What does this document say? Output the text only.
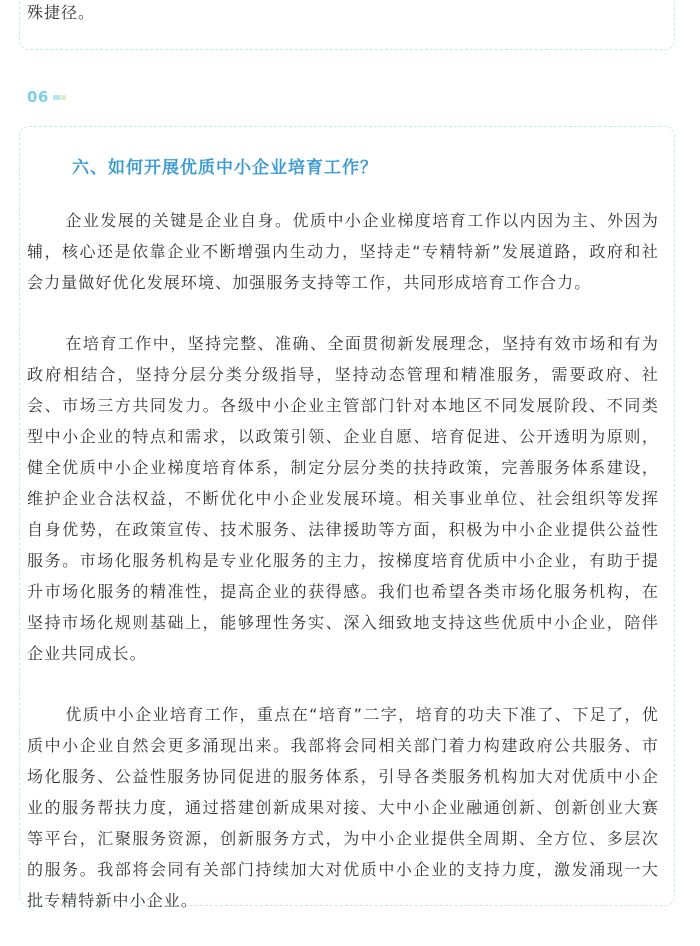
殊捷径。
06
六、如何开展优质中小企业培育工作？

企业发展的关键是企业自身。优质中小企业梯度培育工作以内因为主、外因为辅，核心还是依靠企业不断增强内生动力，坚持走“专精特新”发展道路，政府和社会力量做好优化发展环境、加强服务支持等工作，共同形成培育工作合力。

在培育工作中，坚持完整、准确、全面贯彻新发展理念，坚持有效市场和有为政府相结合，坚持分层分类分级指导，坚持动态管理和精准服务，需要政府、社会、市场三方共同发力。各级中小企业主管部门针对本地区不同发展阶段、不同类型中小企业的特点和需求，以政策引领、企业自愿、培育促进、公开透明为原则，健全优质中小企业梯度培育体系，制定分层分类的扶持政策，完善服务体系建设，维护企业合法权益，不断优化中小企业发展环境。相关事业单位、社会组织等发挥自身优势，在政策宣传、技术服务、法律援助等方面，积极为中小企业提供公益性服务。市场化服务机构是专业化服务的主力，按梯度培育优质中小企业，有助于提升市场化服务的精准性，提高企业的获得感。我们也希望各类市场化服务机构，在坚持市场化规则基础上，能够理性务实、深入细致地支持这些优质中小企业，陪伴企业共同成长。

优质中小企业培育工作，重点在“培育”二字，培育的功夫下准了、下足了，优质中小企业自然会更多涌现出来。我部将会同相关部门着力构建政府公共服务、市场化服务、公益性服务协同促进的服务体系，引导各类服务机构加大对优质中小企业的服务帮扶力度，通过搭建创新成果对接、大中小企业融通创新、创新创业大赛等平台，汇聚服务资源，创新服务方式，为中小企业提供全周期、全方位、多层次的服务。我部将会同有关部门持续加大对优质中小企业的支持力度，激发涌现一大批专精特新中小企业。
